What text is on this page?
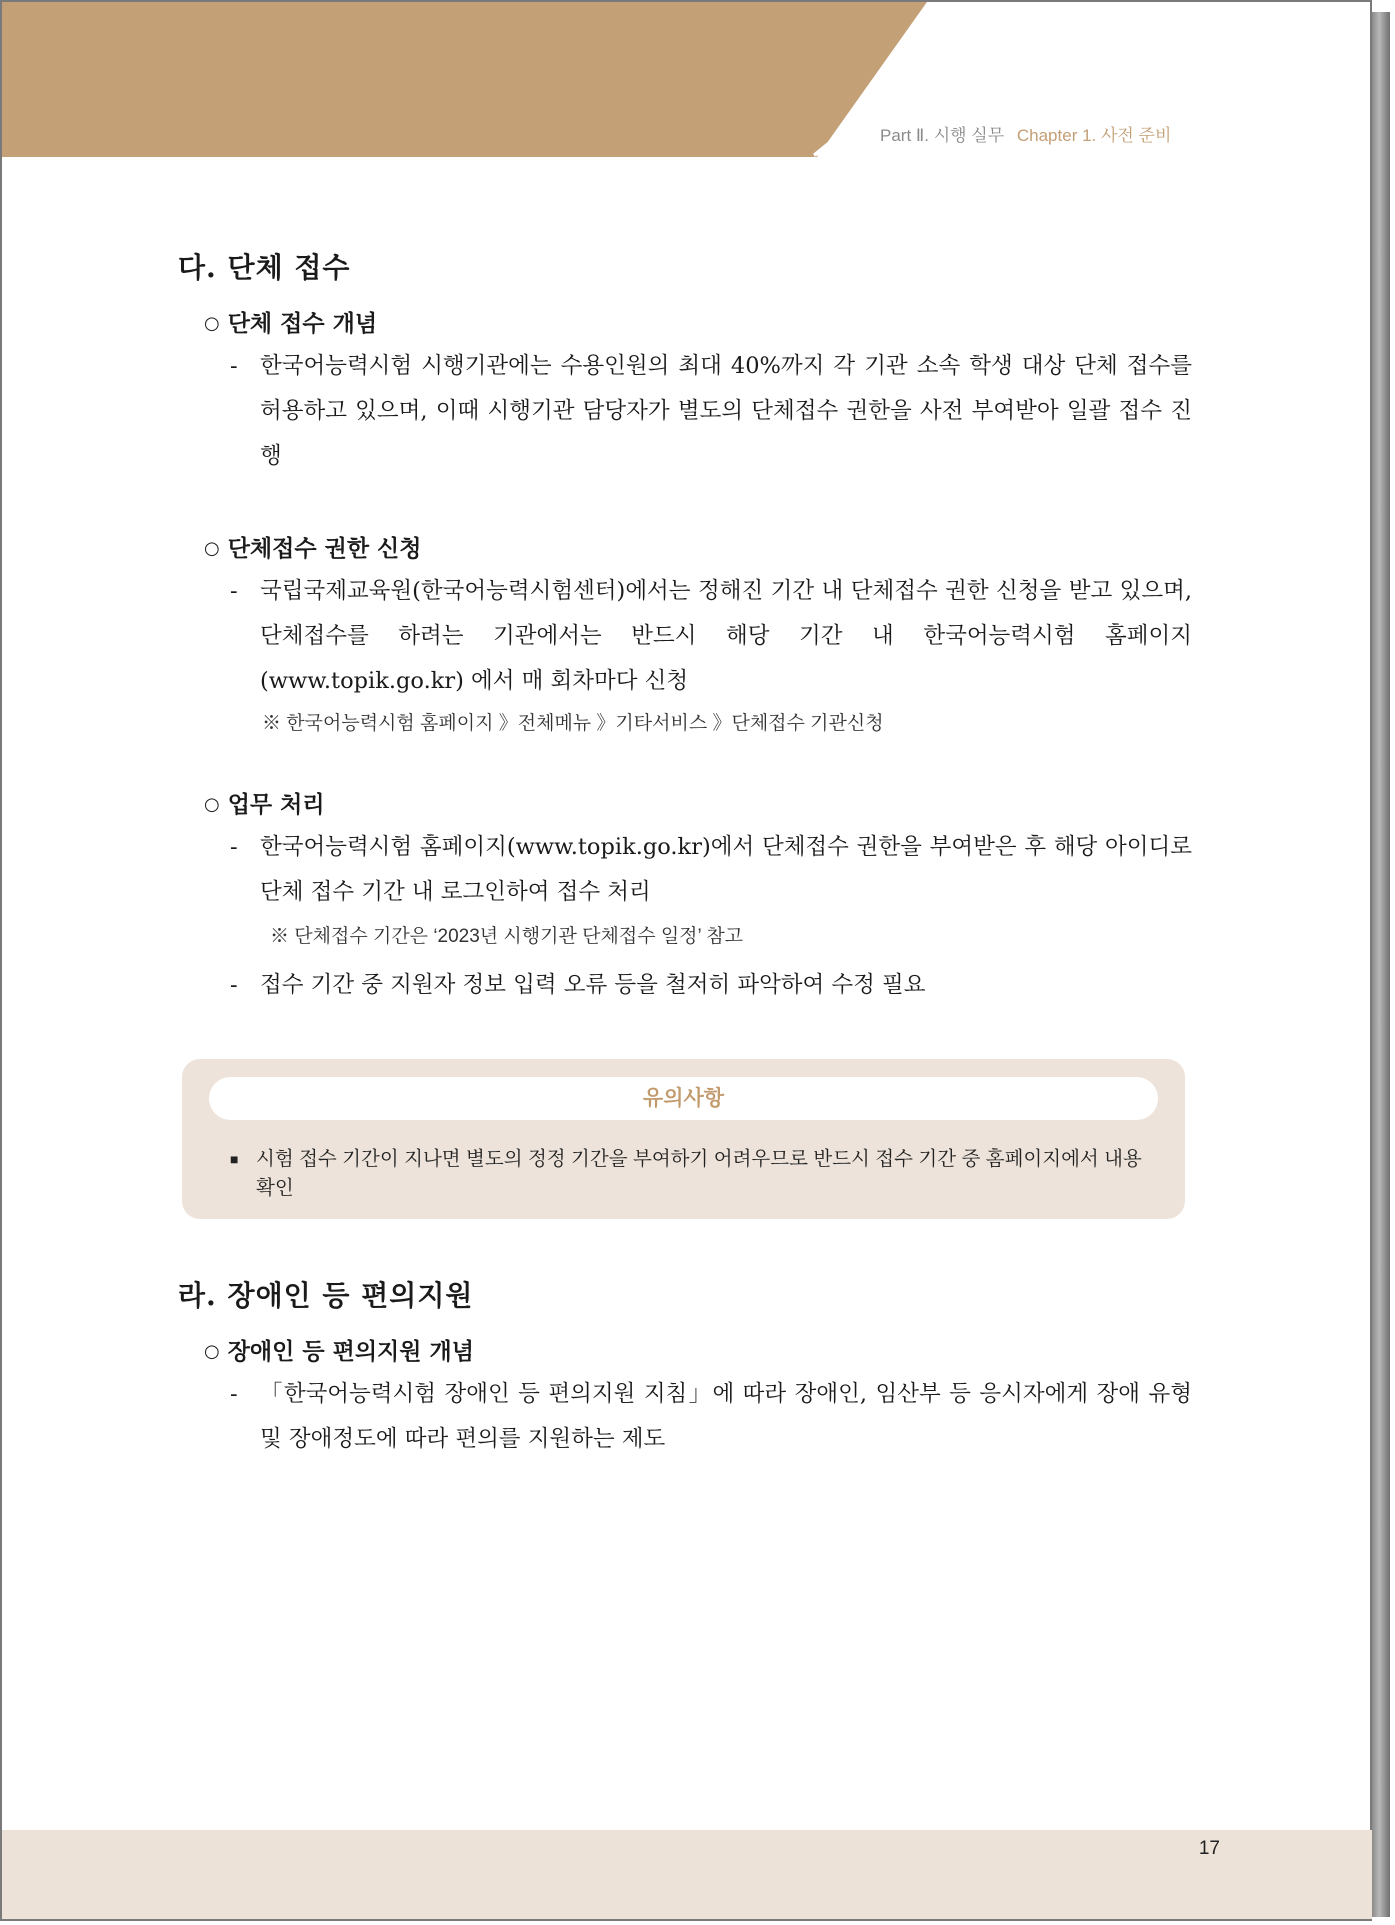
Part Ⅱ. 시행 실무 Chapter 1. 사전 준비
다. 단체 접수
○ 단체 접수 개념
- 한국어능력시험 시행기관에는 수용인원의 최대 40%까지 각 기관 소속 학생 대상 단체 접수를 허용하고 있으며, 이때 시행기관 담당자가 별도의 단체접수 권한을 사전 부여받아 일괄 접수 진행
○ 단체접수 권한 신청
- 국립국제교육원(한국어능력시험센터)에서는 정해진 기간 내 단체접수 권한 신청을 받고 있으며, 단체접수를 하려는 기관에서는 반드시 해당 기간 내 한국어능력시험 홈페이지(www.topik.go.kr) 에서 매 회차마다 신청
※ 한국어능력시험 홈페이지 》전체메뉴 》기타서비스 》단체접수 기관신청
○ 업무 처리
- 한국어능력시험 홈페이지(www.topik.go.kr)에서 단체접수 권한을 부여받은 후 해당 아이디로 단체 접수 기간 내 로그인하여 접수 처리
※ 단체접수 기간은 ‘2023년 시행기관 단체접수 일정’ 참고
- 접수 기간 중 지원자 정보 입력 오류 등을 철저히 파악하여 수정 필요
유의사항
■ 시험 접수 기간이 지나면 별도의 정정 기간을 부여하기 어려우므로 반드시 접수 기간 중 홈페이지에서 내용 확인
라. 장애인 등 편의지원
○ 장애인 등 편의지원 개념
- 「한국어능력시험 장애인 등 편의지원 지침」에 따라 장애인, 임산부 등 응시자에게 장애 유형 및 장애정도에 따라 편의를 지원하는 제도
17
